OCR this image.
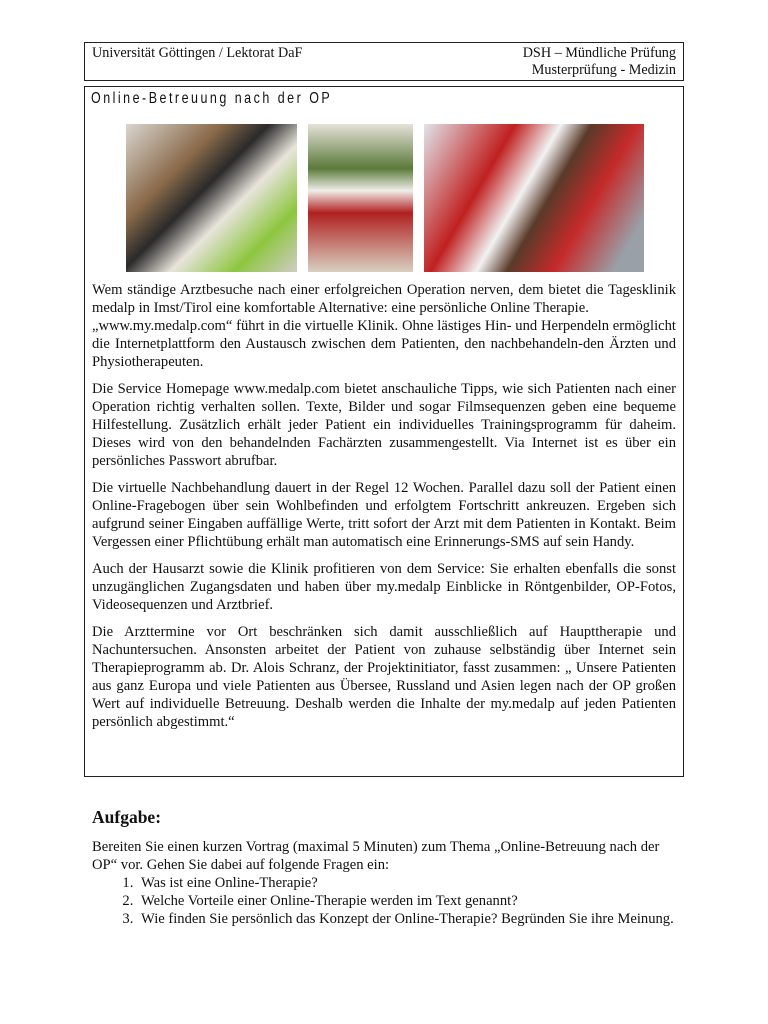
Universität Göttingen / Lektorat DaF	DSH – Mündliche Prüfung
Musterprüfung - Medizin
Online-Betreuung nach der OP

Wem ständige Arztbesuche nach einer erfolgreichen Operation nerven, dem bietet die Tagesklinik medalp in Imst/Tirol eine komfortable Alternative: eine persönliche Online Therapie.

„www.my.medalp.com“ führt in die virtuelle Klinik. Ohne lästiges Hin- und Herpendeln ermöglicht die Internetplattform den Austausch zwischen dem Patienten, den nachbehandeln-den Ärzten und Physiotherapeuten.

Die Service Homepage www.medalp.com bietet anschauliche Tipps, wie sich Patienten nach einer Operation richtig verhalten sollen. Texte, Bilder und sogar Filmsequenzen geben eine bequeme Hilfestellung. Zusätzlich erhält jeder Patient ein individuelles Trainingsprogramm für daheim. Dieses wird von den behandelnden Fachärzten zusammengestellt. Via Internet ist es über ein persönliches Passwort abrufbar.

Die virtuelle Nachbehandlung dauert in der Regel 12 Wochen. Parallel dazu soll der Patient einen Online-Fragebogen über sein Wohlbefinden und erfolgtem Fortschritt ankreuzen. Ergeben sich aufgrund seiner Eingaben auffällige Werte, tritt sofort der Arzt mit dem Patienten in Kontakt. Beim Vergessen einer Pflichtübung erhält man automatisch eine Erinnerungs-SMS auf sein Handy.

Auch der Hausarzt sowie die Klinik profitieren von dem Service: Sie erhalten ebenfalls die sonst unzugänglichen Zugangsdaten und haben über my.medalp Einblicke in Röntgenbilder, OP-Fotos, Videosequenzen und Arztbrief.

Die Arzttermine vor Ort beschränken sich damit ausschließlich auf Haupttherapie und Nachuntersuchen. Ansonsten arbeitet der Patient von zuhause selbständig über Internet sein Therapieprogramm ab. Dr. Alois Schranz, der Projektinitiator, fasst zusammen: „ Unsere Patienten aus ganz Europa und viele Patienten aus Übersee, Russland und Asien legen nach der OP großen Wert auf individuelle Betreuung. Deshalb werden die Inhalte der my.medalp auf jeden Patienten persönlich abgestimmt.“

Aufgabe:
Bereiten Sie einen kurzen Vortrag (maximal 5 Minuten) zum Thema „Online-Betreuung nach der OP“ vor. Gehen Sie dabei auf folgende Fragen ein:
1. Was ist eine Online-Therapie?
2. Welche Vorteile einer Online-Therapie werden im Text genannt?
3. Wie finden Sie persönlich das Konzept der Online-Therapie? Begründen Sie ihre Meinung.
